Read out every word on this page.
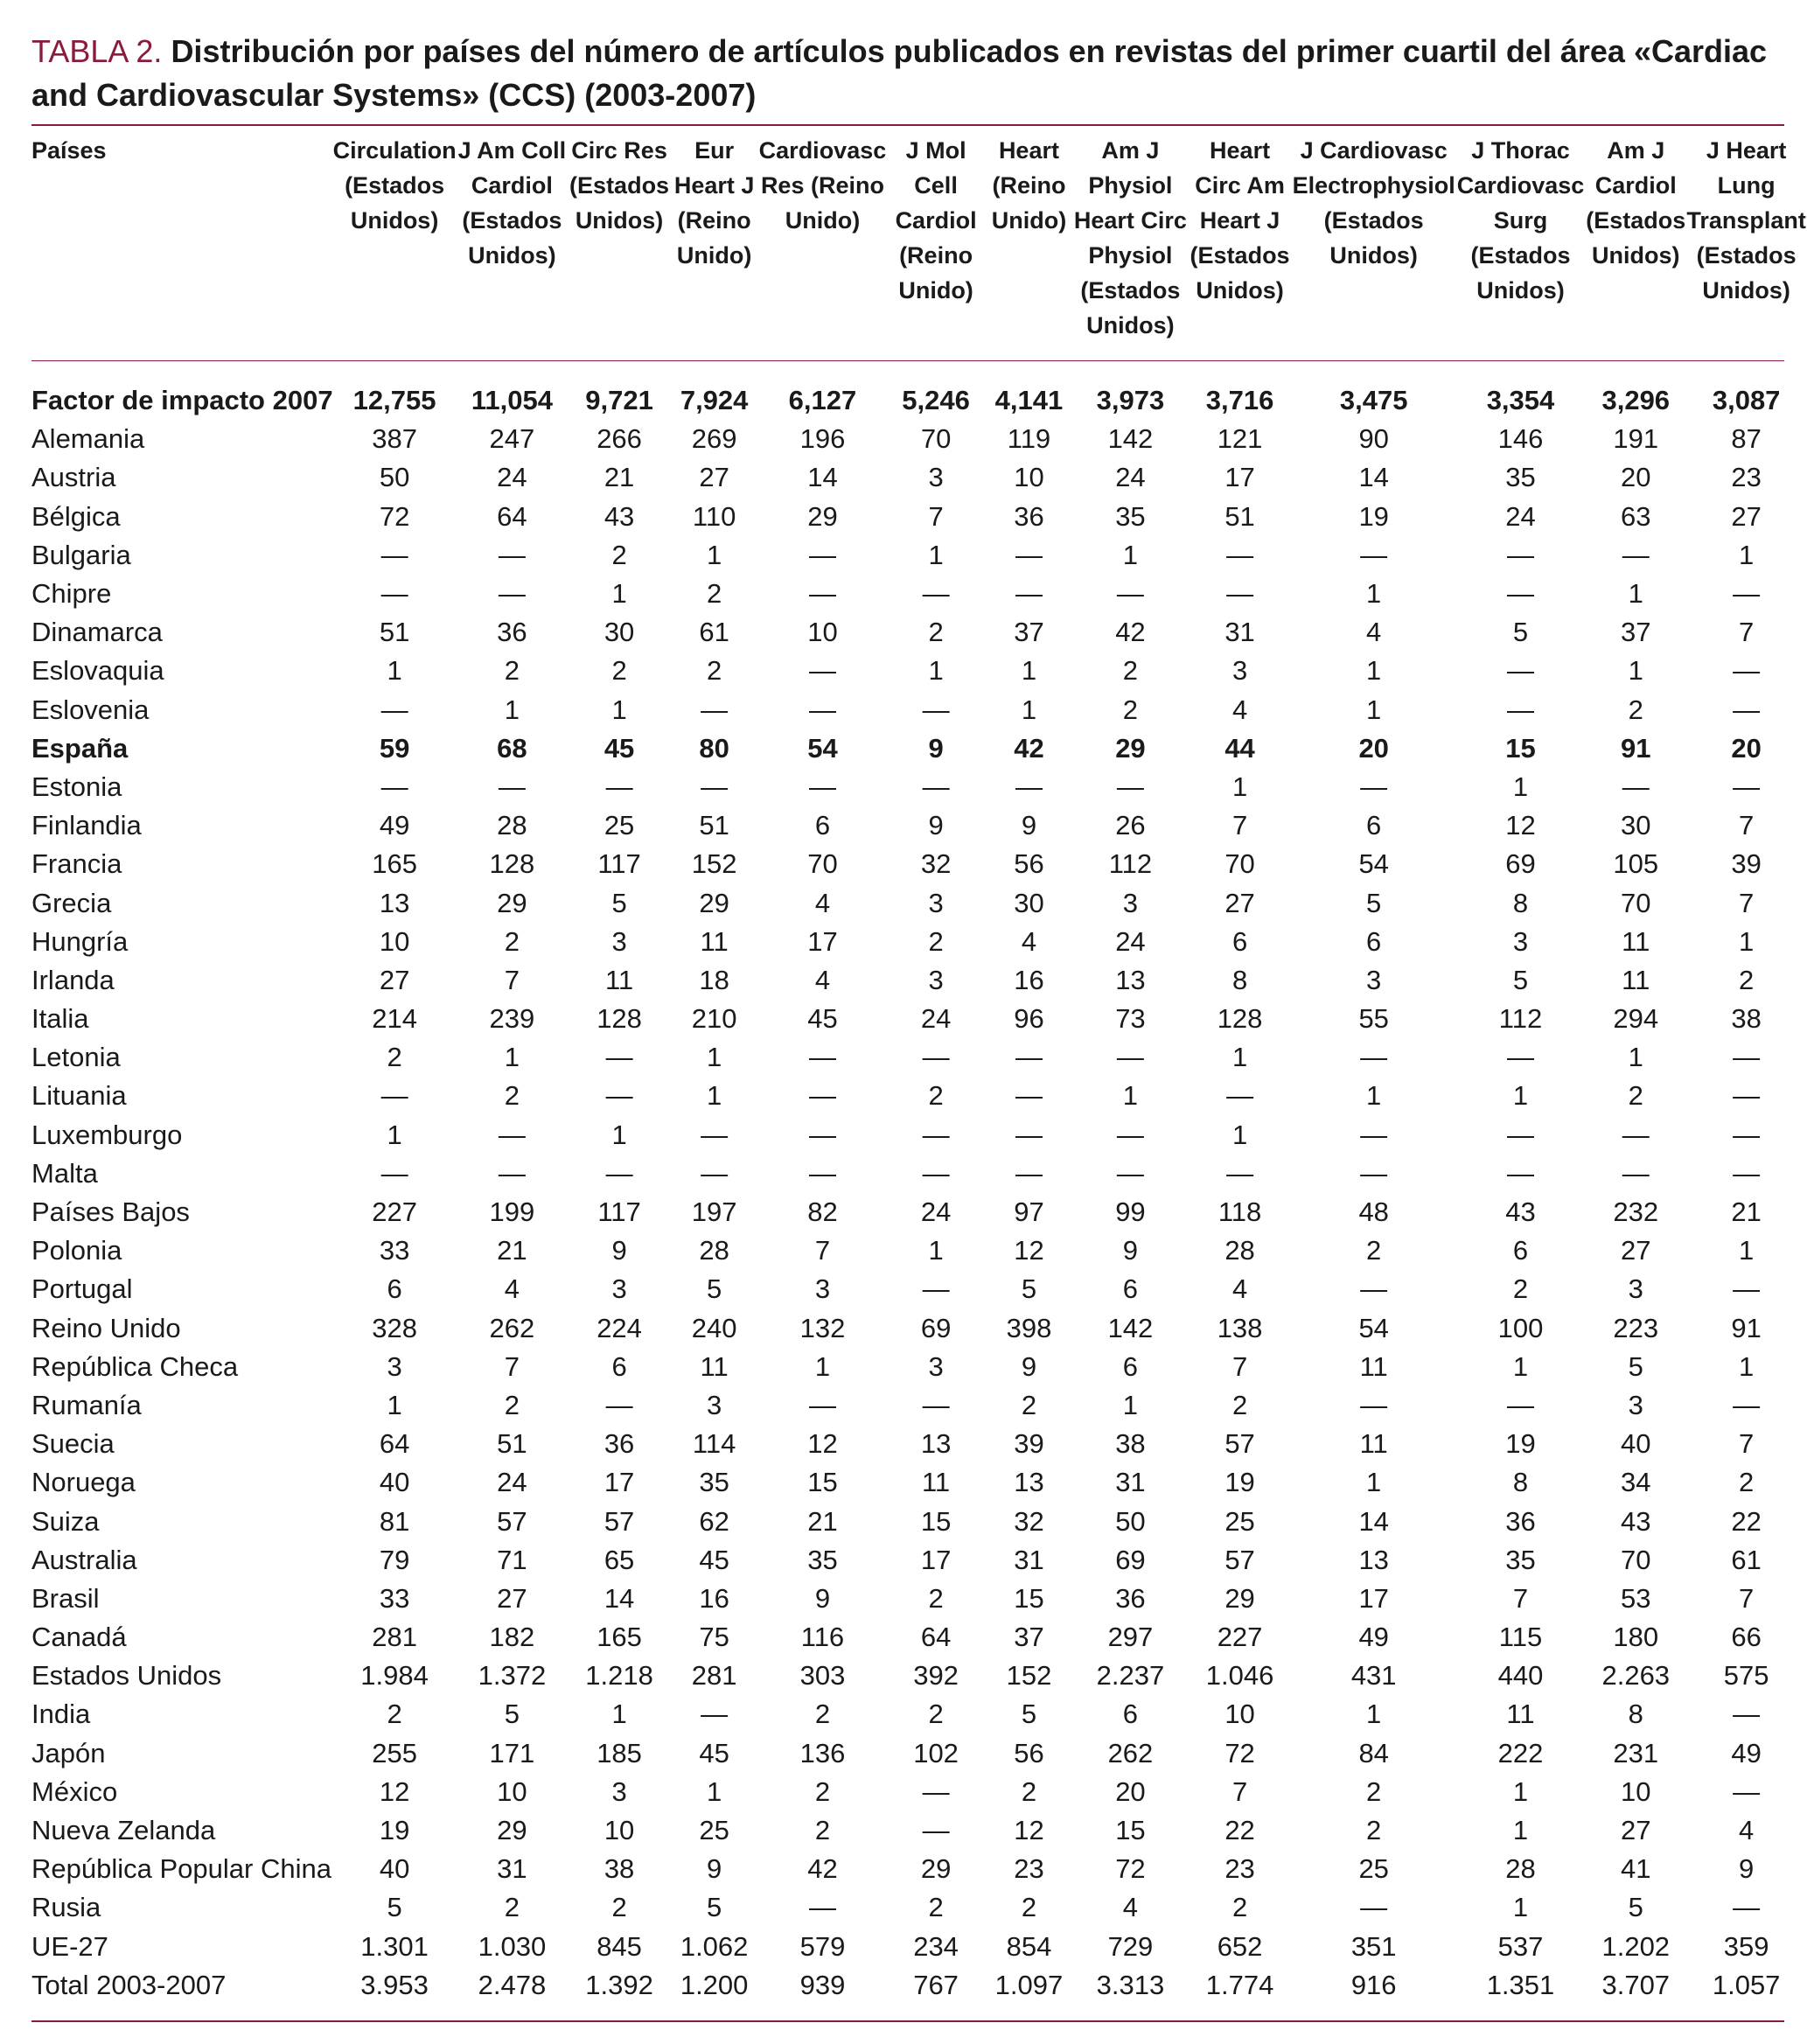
TABLA 2. Distribución por países del número de artículos publicados en revistas del primer cuartil del área «Cardiac and Cardiovascular Systems» (CCS) (2003-2007)
Países	Circulation (Estados Unidos)	J Am Coll Cardiol (Estados Unidos)	Circ Res (Estados Unidos)	Eur Heart J (Reino Unido)	Cardiovasc Res (Reino Unido)	J Mol Cell Cardiol (Reino Unido)	Heart (Reino Unido)	Am J Physiol Heart Circ Physiol (Estados Unidos)	Heart Circ Am Heart J (Estados Unidos)	J Cardiovasc Electrophysiol (Estados Unidos)	J Thorac Cardiovasc Surg (Estados Unidos)	Am J Cardiol (Estados Unidos)	J Heart Lung Transplant (Estados Unidos)
Factor de impacto 2007	12,755	11,054	9,721	7,924	6,127	5,246	4,141	3,973	3,716	3,475	3,354	3,296	3,087
Alemania	387	247	266	269	196	70	119	142	121	90	146	191	87
Austria	50	24	21	27	14	3	10	24	17	14	35	20	23
Bélgica	72	64	43	110	29	7	36	35	51	19	24	63	27
Bulgaria	—	—	2	1	—	1	—	1	—	—	—	—	1
Chipre	—	—	1	2	—	—	—	—	—	1	—	1	—
Dinamarca	51	36	30	61	10	2	37	42	31	4	5	37	7
Eslovaquia	1	2	2	2	—	1	1	2	3	1	—	1	—
Eslovenia	—	1	1	—	—	—	1	2	4	1	—	2	—
España	59	68	45	80	54	9	42	29	44	20	15	91	20
Estonia	—	—	—	—	—	—	—	—	1	—	1	—	—
Finlandia	49	28	25	51	6	9	9	26	7	6	12	30	7
Francia	165	128	117	152	70	32	56	112	70	54	69	105	39
Grecia	13	29	5	29	4	3	30	3	27	5	8	70	7
Hungría	10	2	3	11	17	2	4	24	6	6	3	11	1
Irlanda	27	7	11	18	4	3	16	13	8	3	5	11	2
Italia	214	239	128	210	45	24	96	73	128	55	112	294	38
Letonia	2	1	—	1	—	—	—	—	1	—	—	1	—
Lituania	—	2	—	1	—	2	—	1	—	1	1	2	—
Luxemburgo	1	—	1	—	—	—	—	—	1	—	—	—	—
Malta	—	—	—	—	—	—	—	—	—	—	—	—	—
Países Bajos	227	199	117	197	82	24	97	99	118	48	43	232	21
Polonia	33	21	9	28	7	1	12	9	28	2	6	27	1
Portugal	6	4	3	5	3	—	5	6	4	—	2	3	—
Reino Unido	328	262	224	240	132	69	398	142	138	54	100	223	91
República Checa	3	7	6	11	1	3	9	6	7	11	1	5	1
Rumanía	1	2	—	3	—	—	2	1	2	—	—	3	—
Suecia	64	51	36	114	12	13	39	38	57	11	19	40	7
Noruega	40	24	17	35	15	11	13	31	19	1	8	34	2
Suiza	81	57	57	62	21	15	32	50	25	14	36	43	22
Australia	79	71	65	45	35	17	31	69	57	13	35	70	61
Brasil	33	27	14	16	9	2	15	36	29	17	7	53	7
Canadá	281	182	165	75	116	64	37	297	227	49	115	180	66
Estados Unidos	1.984	1.372	1.218	281	303	392	152	2.237	1.046	431	440	2.263	575
India	2	5	1	—	2	2	5	6	10	1	11	8	—
Japón	255	171	185	45	136	102	56	262	72	84	222	231	49
México	12	10	3	1	2	—	2	20	7	2	1	10	—
Nueva Zelanda	19	29	10	25	2	—	12	15	22	2	1	27	4
República Popular China	40	31	38	9	42	29	23	72	23	25	28	41	9
Rusia	5	2	2	5	—	2	2	4	2	—	1	5	—
UE-27	1.301	1.030	845	1.062	579	234	854	729	652	351	537	1.202	359
Total 2003-2007	3.953	2.478	1.392	1.200	939	767	1.097	3.313	1.774	916	1.351	3.707	1.057
